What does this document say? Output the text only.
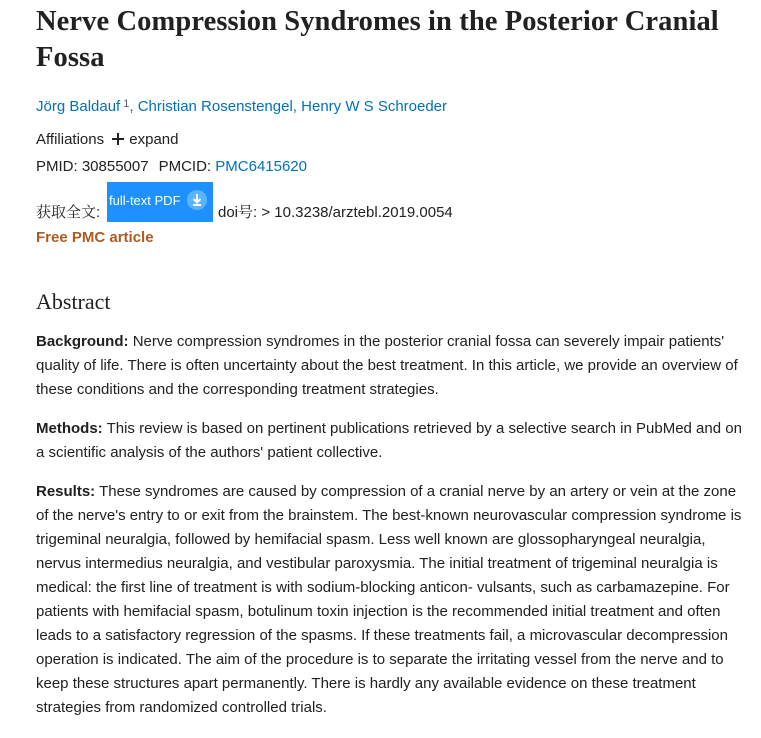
Nerve Compression Syndromes in the Posterior Cranial Fossa
Jörg Baldauf $^1$, Christian Rosenstengel, Henry W S Schroeder
Affiliations expand
PMID: 30855007 PMCID: PMC6415620
获取全文:
full-text PDF
doi号: > 10.3238/arztebl.2019.0054
Free PMC article
Abstract

Background: Nerve compression syndromes in the posterior cranial fossa can severely impair patients' quality of life. There is often uncertainty about the best treatment. In this article, we provide an overview of these conditions and the corresponding treatment strategies.

Methods: This review is based on pertinent publications retrieved by a selective search in PubMed and on a scientific analysis of the authors' patient collective.

Results: These syndromes are caused by compression of a cranial nerve by an artery or vein at the zone of the nerve's entry to or exit from the brainstem. The best-known neurovascular compression syndrome is trigeminal neuralgia, followed by hemifacial spasm. Less well known are glossopharyngeal neuralgia, nervus intermedius neuralgia, and vestibular paroxysmia. The initial treatment of trigeminal neuralgia is medical: the first line of treatment is with sodium-blocking anticon- vulsants, such as carbamazepine. For patients with hemifacial spasm, botulinum toxin injection is the recommended initial treatment and often leads to a satisfactory regression of the spasms. If these treatments fail, a microvascular decompression operation is indicated. The aim of the procedure is to separate the irritating vessel from the nerve and to keep these structures apart permanently. There is hardly any available evidence on these treatment strategies from randomized controlled trials.
